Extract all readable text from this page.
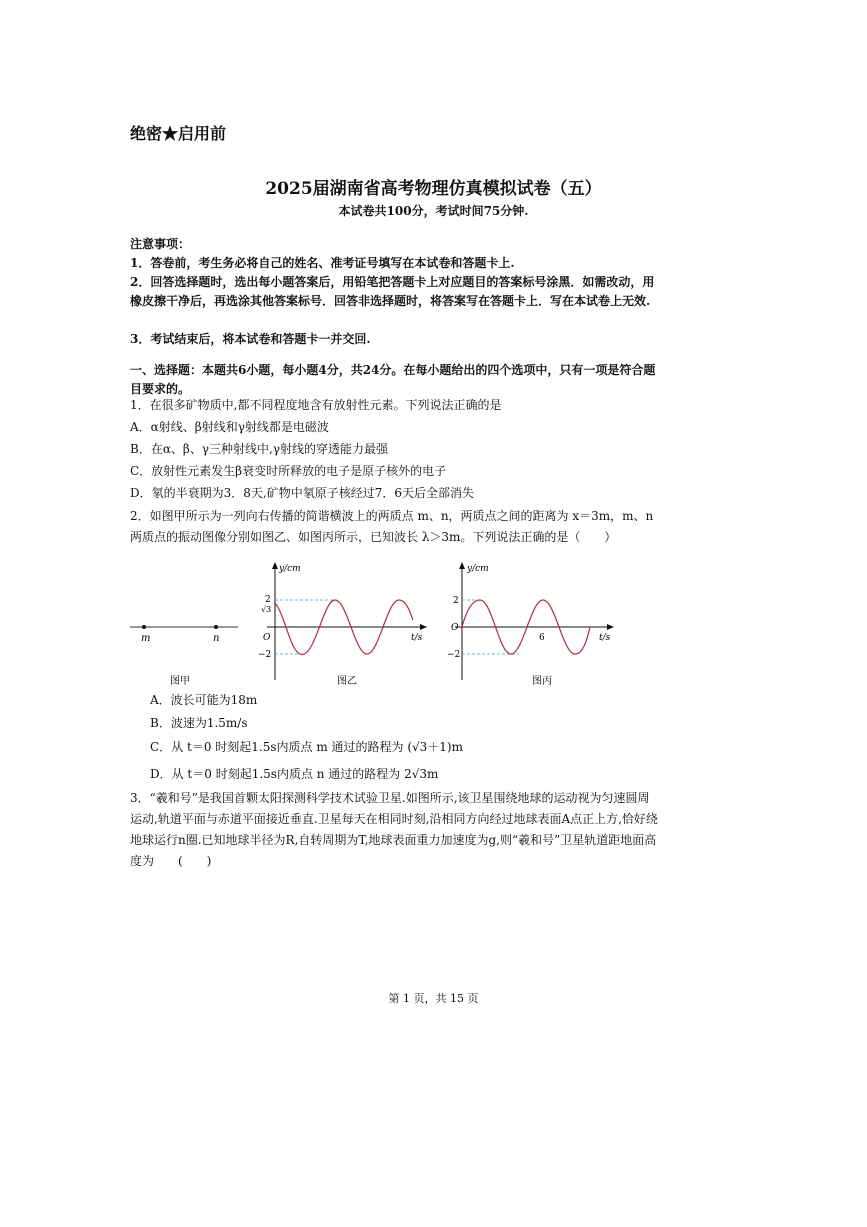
绝密★启用前
2025届湖南省高考物理仿真模拟试卷（五）
本试卷共100分，考试时间75分钟.
注意事项：
1．答卷前，考生务必将自己的姓名、准考证号填写在本试卷和答题卡上.
2．回答选择题时，选出每小题答案后，用铅笔把答题卡上对应题目的答案标号涂黑．如需改动，用橡皮擦干净后，再选涂其他答案标号．回答非选择题时，将答案写在答题卡上．写在本试卷上无效.
3．考试结束后，将本试卷和答题卡一并交回.
一、选择题：本题共6小题，每小题4分，共24分。在每小题给出的四个选项中，只有一项是符合题目要求的。
1．在很多矿物质中,都不同程度地含有放射性元素。下列说法正确的是
A．α射线、β射线和γ射线都是电磁波
B．在α、β、γ三种射线中,γ射线的穿透能力最强
C．放射性元素发生β衰变时所释放的电子是原子核外的电子
D．氡的半衰期为3．8天,矿物中氡原子核经过7．6天后全部消失
2．如图甲所示为一列向右传播的简谐横波上的两质点 m、n，两质点之间的距离为 x＝3m，m、n 两质点的振动图像分别如图乙、如图丙所示，已知波长 λ＞3m。下列说法正确的是（　　）
m	n
图甲
y/cm
t/s
O
2
√3
−2
图乙
y/cm
t/s
O
2
−2
6
图丙
A．波长可能为18m
B．波速为1.5m/s
C．从 t＝0 时刻起1.5s内质点 m 通过的路程为 (√3＋1)m
D．从 t＝0 时刻起1.5s内质点 n 通过的路程为 2√3m
3．“羲和号”是我国首颗太阳探测科学技术试验卫星.如图所示,该卫星围绕地球的运动视为匀速圆周运动,轨道平面与赤道平面接近垂直.卫星每天在相同时刻,沿相同方向经过地球表面A点正上方,恰好绕地球运行n圈.已知地球半径为R,自转周期为T,地球表面重力加速度为g,则“羲和号”卫星轨道距地面高度为　　(　　)
第 1 页，共 15 页
